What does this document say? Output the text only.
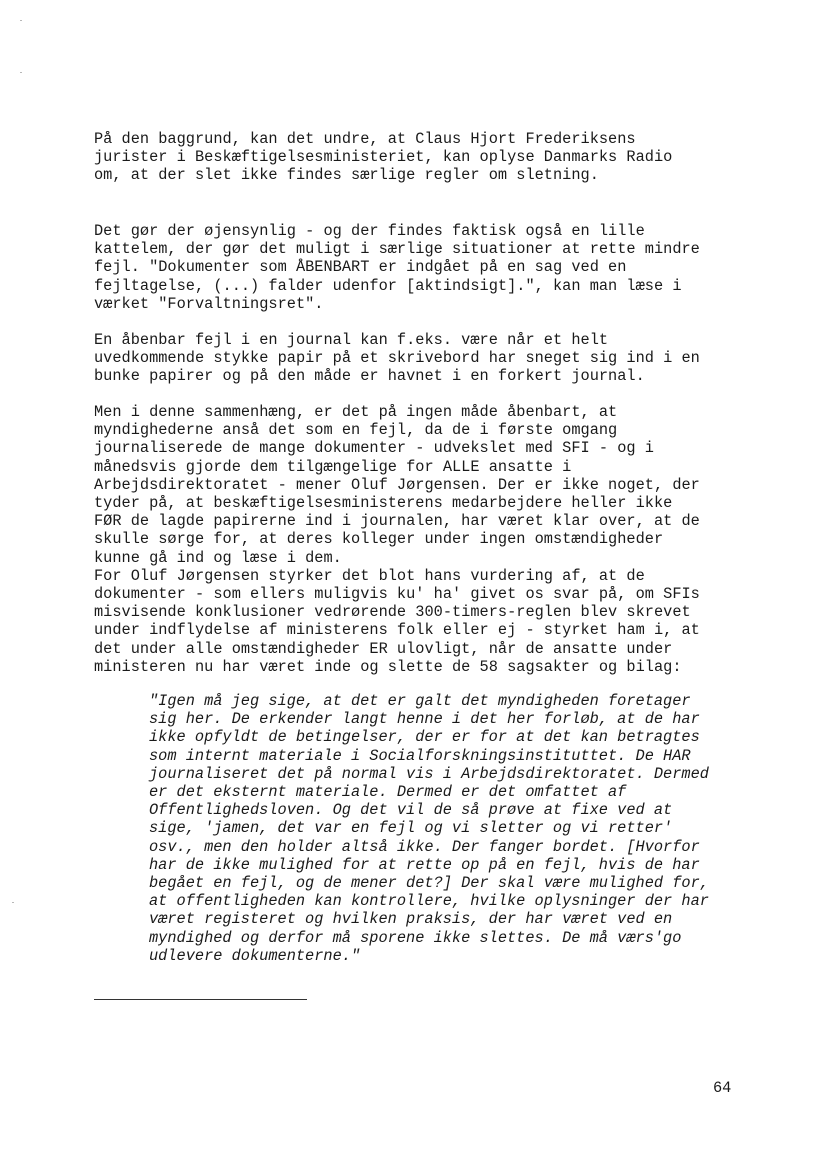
På den baggrund, kan det undre, at Claus Hjort Frederiksens
jurister i Beskæftigelsesministeriet, kan oplyse Danmarks Radio
om, at der slet ikke findes særlige regler om sletning.

Det gør der øjensynlig - og der findes faktisk også en lille
kattelem, der gør det muligt i særlige situationer at rette mindre
fejl. "Dokumenter som ÅBENBART er indgået på en sag ved en
fejltagelse, (...) falder udenfor [aktindsigt].", kan man læse i
værket "Forvaltningsret".

En åbenbar fejl i en journal kan f.eks. være når et helt
uvedkommende stykke papir på et skrivebord har sneget sig ind i en
bunke papirer og på den måde er havnet i en forkert journal.

Men i denne sammenhæng, er det på ingen måde åbenbart, at
myndighederne anså det som en fejl, da de i første omgang
journaliserede de mange dokumenter - udvekslet med SFI - og i
månedsvis gjorde dem tilgængelige for ALLE ansatte i
Arbejdsdirektoratet - mener Oluf Jørgensen. Der er ikke noget, der
tyder på, at beskæftigelsesministerens medarbejdere heller ikke
FØR de lagde papirerne ind i journalen, har været klar over, at de
skulle sørge for, at deres kolleger under ingen omstændigheder
kunne gå ind og læse i dem.
For Oluf Jørgensen styrker det blot hans vurdering af, at de
dokumenter - som ellers muligvis ku' ha' givet os svar på, om SFIs
misvisende konklusioner vedrørende 300-timers-reglen blev skrevet
under indflydelse af ministerens folk eller ej - styrket ham i, at
det under alle omstændigheder ER ulovligt, når de ansatte under
ministeren nu har været inde og slette de 58 sagsakter og bilag:

"Igen må jeg sige, at det er galt det myndigheden foretager
sig her. De erkender langt henne i det her forløb, at de har
ikke opfyldt de betingelser, der er for at det kan betragtes
som internt materiale i Socialforskningsinstituttet. De HAR
journaliseret det på normal vis i Arbejdsdirektoratet. Dermed
er det eksternt materiale. Dermed er det omfattet af
Offentlighedsloven. Og det vil de så prøve at fixe ved at
sige, 'jamen, det var en fejl og vi sletter og vi retter'
osv., men den holder altså ikke. Der fanger bordet. [Hvorfor
har de ikke mulighed for at rette op på en fejl, hvis de har
begået en fejl, og de mener det?] Der skal være mulighed for,
at offentligheden kan kontrollere, hvilke oplysninger der har
været registeret og hvilken praksis, der har været ved en
myndighed og derfor må sporene ikke slettes. De må værs'go
udlevere dokumenterne."

64
